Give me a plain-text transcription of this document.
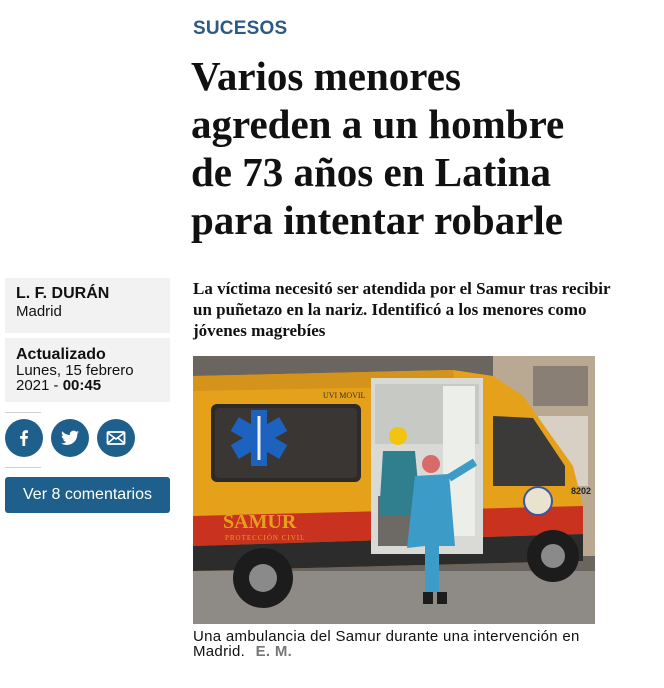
SUCESOS
Varios menores agreden a un hombre de 73 años en Latina para intentar robarle
L. F. DURÁN
Madrid
Actualizado
Lunes, 15 febrero 2021 - 00:45
Ver 8 comentarios

La víctima necesitó ser atendida por el Samur tras recibir un puñetazo en la nariz. Identificó a los menores como jóvenes magrebíes

SAMUR
PROTECCIÓN CIVIL
UVI MOVIL
8202
Una ambulancia del Samur durante una intervención en Madrid. E. M.
